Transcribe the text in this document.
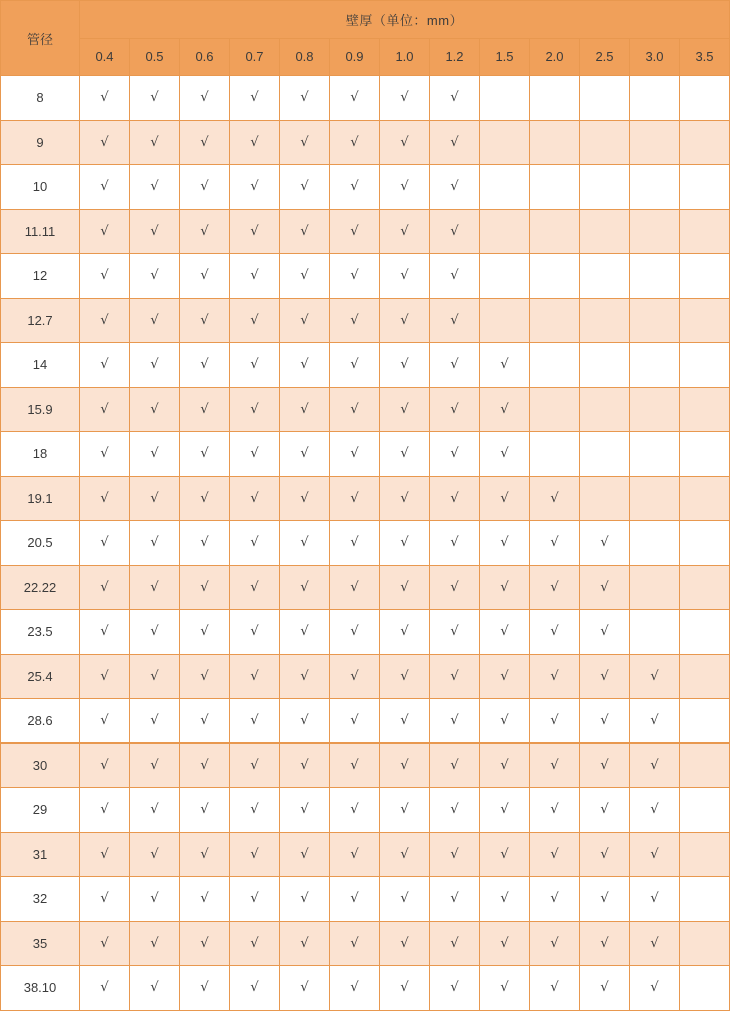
管径	壁厚（单位：mm）												
	0.4	0.5	0.6	0.7	0.8	0.9	1.0	1.2	1.5	2.0	2.5	3.0	3.5
8	√	√	√	√	√	√	√	√					
9	√	√	√	√	√	√	√	√					
10	√	√	√	√	√	√	√	√					
11.11	√	√	√	√	√	√	√	√					
12	√	√	√	√	√	√	√	√					
12.7	√	√	√	√	√	√	√	√					
14	√	√	√	√	√	√	√	√	√				
15.9	√	√	√	√	√	√	√	√	√				
18	√	√	√	√	√	√	√	√	√				
19.1	√	√	√	√	√	√	√	√	√	√			
20.5	√	√	√	√	√	√	√	√	√	√	√		
22.22	√	√	√	√	√	√	√	√	√	√	√		
23.5	√	√	√	√	√	√	√	√	√	√	√		
25.4	√	√	√	√	√	√	√	√	√	√	√	√	
28.6	√	√	√	√	√	√	√	√	√	√	√	√	
30	√	√	√	√	√	√	√	√	√	√	√	√	
29	√	√	√	√	√	√	√	√	√	√	√	√	
31	√	√	√	√	√	√	√	√	√	√	√	√	
32	√	√	√	√	√	√	√	√	√	√	√	√	
35	√	√	√	√	√	√	√	√	√	√	√	√	
38.10	√	√	√	√	√	√	√	√	√	√	√	√	
